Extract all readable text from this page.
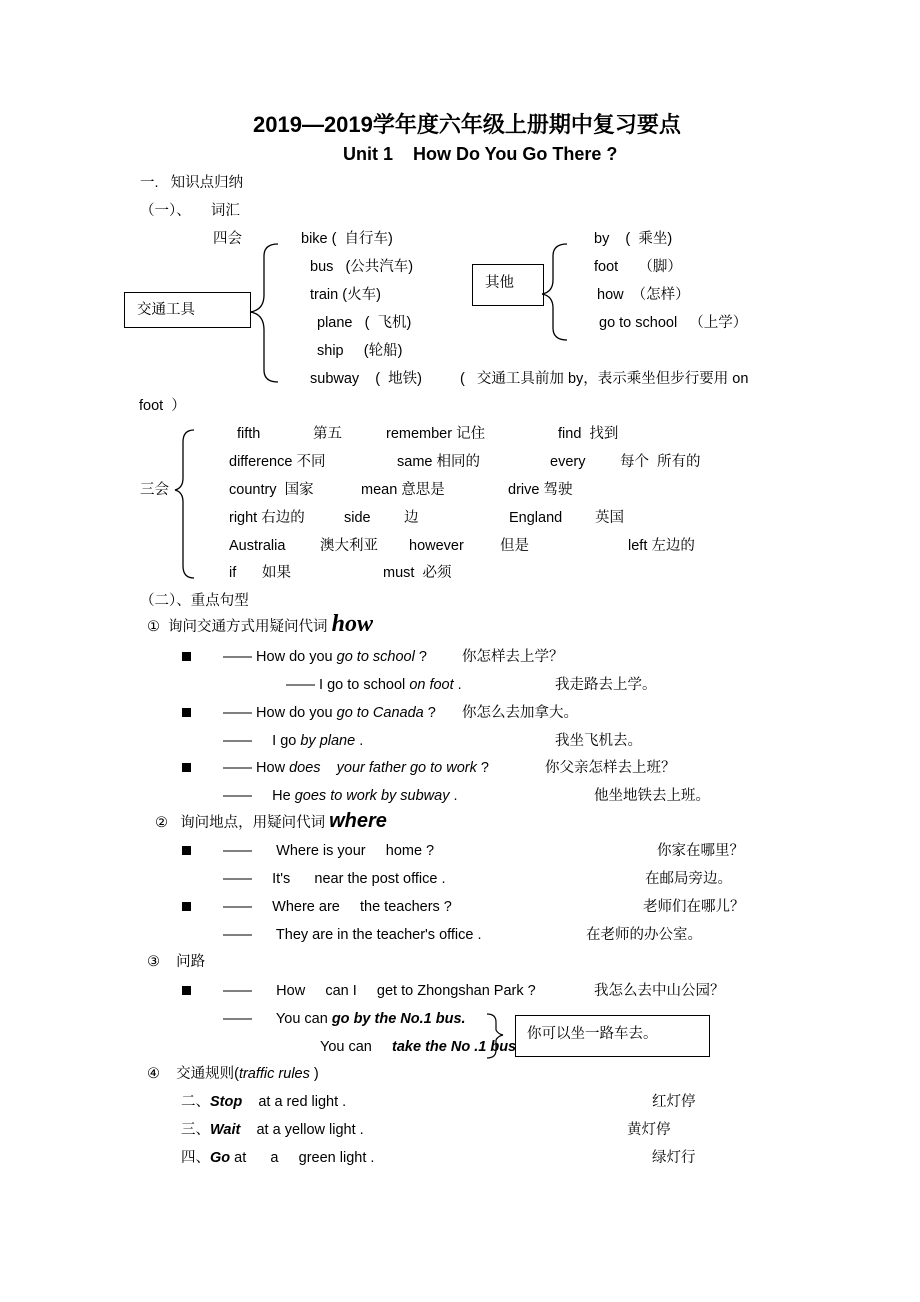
2019—2019学年度六年级上册期中复习要点
Unit 1    How Do You Go There ?
一.   知识点归纳
（一）、     词汇
四会
交通工具
bike (  自行车)
bus   (公共汽车)
train (火车)
plane   (  飞机)
ship     (轮船)
subway    (  地铁)
其他
by    (  乘坐)
foot     （脚）
how  （怎样）
go to school   （上学）
(   交通工具前加 by，表示乘坐但步行要用 on
foot  ）
三会
fifth	第五	remember 记住	find  找到
difference 不同	same 相同的	every 每个  所有的
country  国家	mean 意思是	drive 驾驶
right 右边的	side 边	England 英国
Australia 澳大利亚 however 但是	left 左边的
if 如果	must  必须
（二）、重点句型
①  询问交通方式用疑问代词 how
—— How do you go to school ? 你怎样去上学？
—— I go to school on foot .	我走路去上学。
—— How do you go to Canada ? 你怎么去加拿大。
——     I go by plane .	我坐飞机去。
—— How does    your father go to work ?	你父亲怎样去上班？
——     He goes to work by subway .	他坐地铁去上班。
②   询问地点，用疑问代词 where
——      Where is your     home ?	你家在哪里？
——     It's      near the post office .	在邮局旁边。
——     Where are     the teachers ?	老师们在哪儿？
——      They are in the teacher's office .	在老师的办公室。
③    问路
——      How     can I     get to Zhongshan Park ?	我怎么去中山公园？
——      You can go by the No.1 bus.
You can     take the No .1 bus
你可以坐一路车去。
④    交通规则(traffic rules )
二、Stop    at a red light .	红灯停
三、Wait    at a yellow light .	黄灯停
四、Go at      a     green light .	绿灯行
